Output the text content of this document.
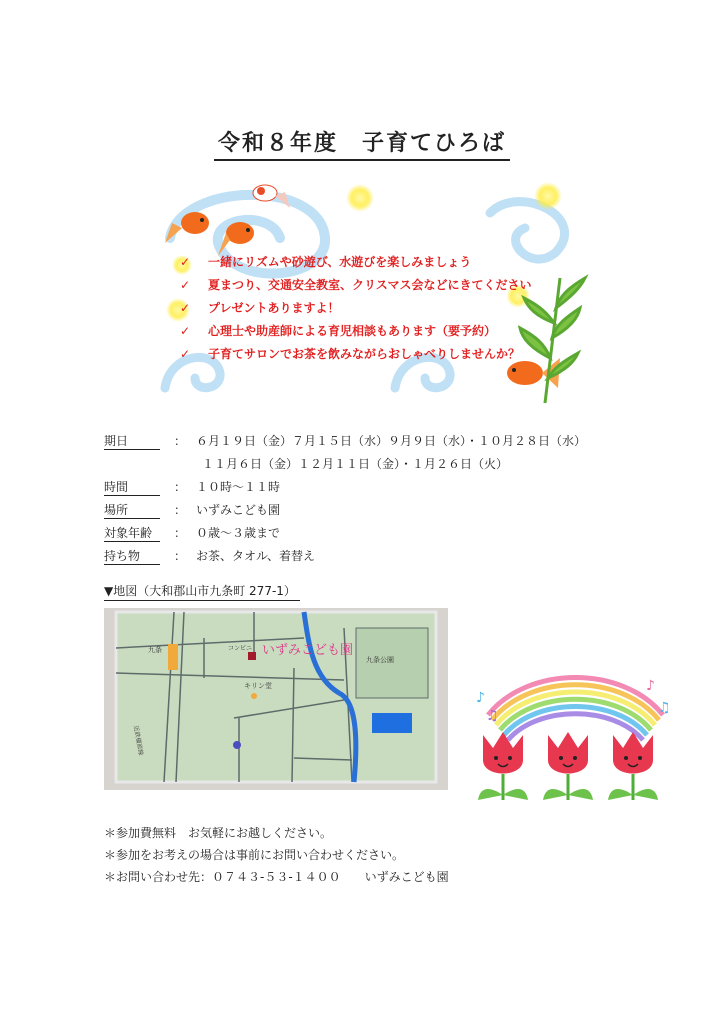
令和８年度　子育てひろば
✓	一緒にリズムや砂遊び、水遊びを楽しみましょう
✓	夏まつり、交通安全教室、クリスマス会などにきてください
✓	プレゼントありますよ！
✓	心理士や助産師による育児相談もあります（要予約）
✓	子育てサロンでお茶を飲みながらおしゃべりしませんか？
期日	： ６月１９日（金）７月１５日（水）９月９日（水）・１０月２８日（水）
１１月６日（金）１２月１１日（金）・１月２６日（火）
時間	： １０時～１１時
場所	： いずみこども園
対象年齢	： ０歳～３歳まで
持ち物	： お茶、タオル、着替え
▼地図（大和郡山市九条町 277-1）
いずみこども園
九条公園
キリン堂
コンビニ
九条
近鉄橿原線
♪
♫
♪
♫
＊参加費無料　お気軽にお越しください。
＊参加をお考えの場合は事前にお問い合わせください。
＊お問い合わせ先：０７４３-５３-１４００　　いずみこども園
